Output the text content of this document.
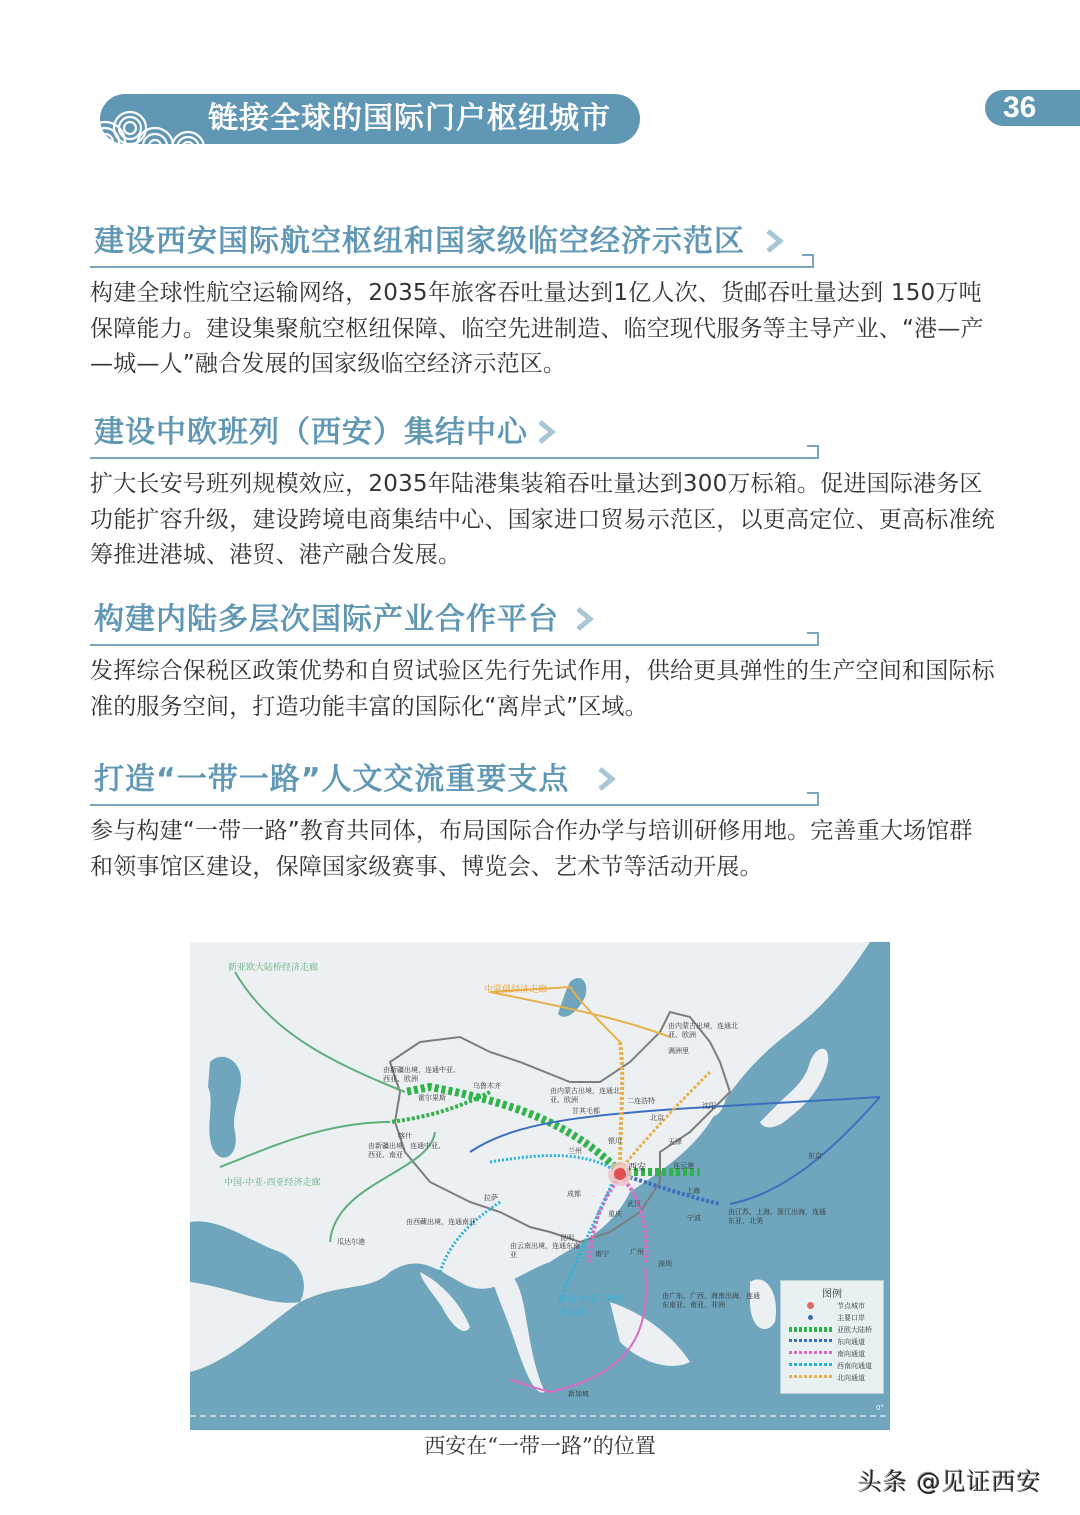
链接全球的国际门户枢纽城市	36
建设西安国际航空枢纽和国家级临空经济示范区
构建全球性航空运输网络，2035年旅客吞吐量达到1亿人次、货邮吞吐量达到 150万吨保障能力。建设集聚航空枢纽保障、临空先进制造、临空现代服务等主导产业、“港—产—城—人”融合发展的国家级临空经济示范区。
建设中欧班列（西安）集结中心
扩大长安号班列规模效应，2035年陆港集装箱吞吐量达到300万标箱。促进国际港务区功能扩容升级，建设跨境电商集结中心、国家进口贸易示范区，以更高定位、更高标准统筹推进港城、港贸、港产融合发展。
构建内陆多层次国际产业合作平台
发挥综合保税区政策优势和自贸试验区先行先试作用，供给更具弹性的生产空间和国际标准的服务空间，打造功能丰富的国际化“离岸式”区域。
打造“一带一路”人文交流重要支点
参与构建“一带一路”教育共同体，布局国际合作办学与培训研修用地。完善重大场馆群和领事馆区建设，保障国家级赛事、博览会、艺术节等活动开展。
新亚欧大陆桥经济走廊
中蒙俄经济走廊
中国-中亚-西亚经济走廊
中国-中南半岛经济走廊
由新疆出境，连通中亚、西亚、欧洲
由新疆出境，连通中亚、西亚、南亚
由内蒙古出境，连通北亚、欧洲
由内蒙古出境，连通北亚、欧洲
由西藏出境，连通南亚
由云南出境，连通东南亚
由江苏、上海、浙江出海，连通东亚、北美
由广东、广西、海南出海，连通东南亚、南亚、非洲
西安
乌鲁木齐
霍尔果斯
喀什
兰州
银川
甘其毛都
二连浩特
满洲里
北京
天津
沈阳
连云港
上海
宁波
武汉
成都
重庆
拉萨
昆明
南宁	广州
深圳
东京
瓜达尔港
新加坡
0°
图例
节点城市
主要口岸
亚欧大陆桥
东向通道
南向通道
西南向通道
北向通道
西安在“一带一路”的位置
头条 @见证西安
